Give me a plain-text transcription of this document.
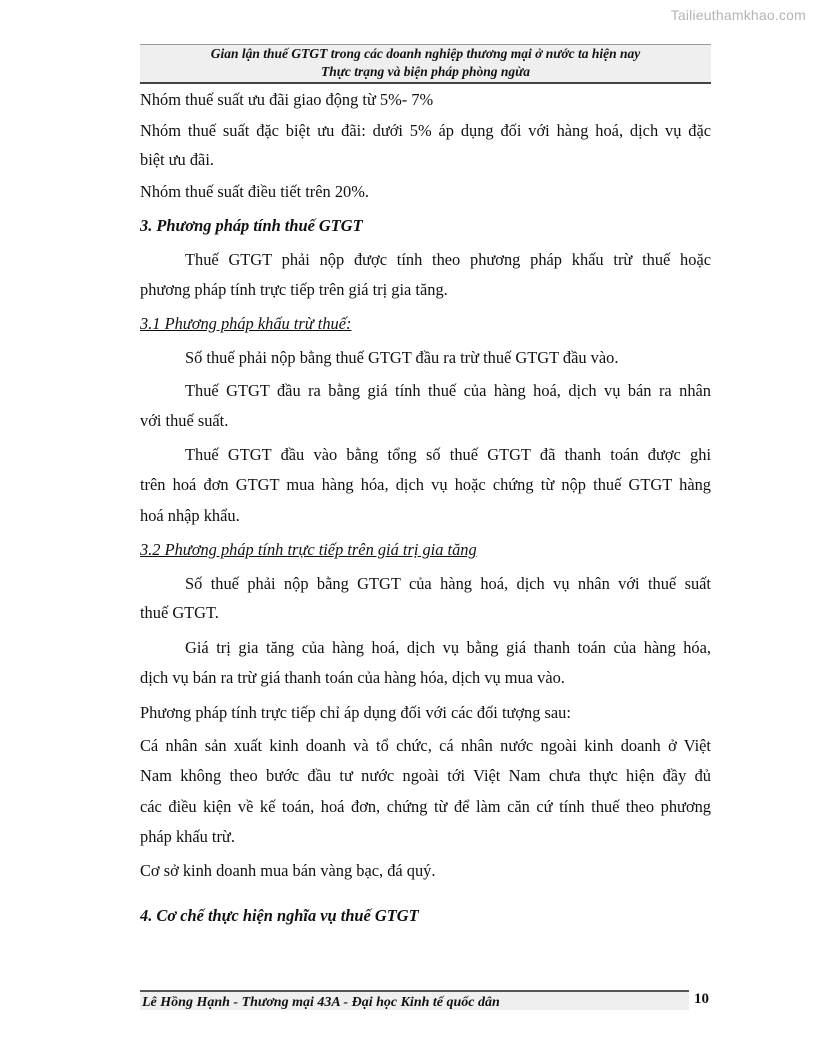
Tailieuthamkhao.com
Gian lận thuế GTGT trong các doanh nghiệp thương mại ở nước ta hiện nay
Thực trạng và biện pháp phòng ngừa
Nhóm thuế suất ưu đãi giao động từ 5%- 7%
Nhóm thuế suất đặc biệt ưu đãi: dưới 5% áp dụng đối với hàng hoá, dịch vụ đặc
biệt ưu đãi.
Nhóm thuế suất điều tiết trên 20%.
3. Phương pháp tính thuế GTGT
Thuế GTGT phải nộp được tính theo phương pháp khấu trừ thuế hoặc
phương pháp tính trực tiếp trên giá trị gia tăng.
3.1 Phương pháp khấu trừ thuế:
Số thuế phải nộp bằng thuế GTGT đầu ra trừ thuế GTGT đầu vào.
Thuế GTGT đầu ra bằng giá tính thuế của hàng hoá, dịch vụ bán ra nhân
với thuế suất.
Thuế GTGT đầu vào bằng tổng số thuế GTGT đã thanh toán được ghi
trên hoá đơn GTGT mua hàng hóa, dịch vụ hoặc chứng từ nộp thuế GTGT hàng
hoá nhập khẩu.
3.2 Phương pháp tính trực tiếp trên giá trị gia tăng
Số thuế phải nộp bằng GTGT của hàng hoá, dịch vụ nhân với thuế suất
thuế GTGT.
Giá trị gia tăng của hàng hoá, dịch vụ bằng giá thanh toán của hàng hóa,
dịch vụ bán ra trừ giá thanh toán của hàng hóa, dịch vụ mua vào.
Phương pháp tính trực tiếp chỉ áp dụng đối với các đối tượng sau:
Cá nhân sản xuất kinh doanh và tổ chức, cá nhân nước ngoài kinh doanh ở Việt
Nam không theo bước đầu tư nước ngoài tới Việt Nam chưa thực hiện đầy đủ
các điều kiện về kế toán, hoá đơn, chứng từ để làm căn cứ tính thuế theo phương
pháp khấu trừ.
Cơ sở kinh doanh mua bán vàng bạc, đá quý.
4. Cơ chế thực hiện nghĩa vụ thuế GTGT
Lê Hồng Hạnh - Thương mại 43A - Đại học Kinh tế quốc dân	10
